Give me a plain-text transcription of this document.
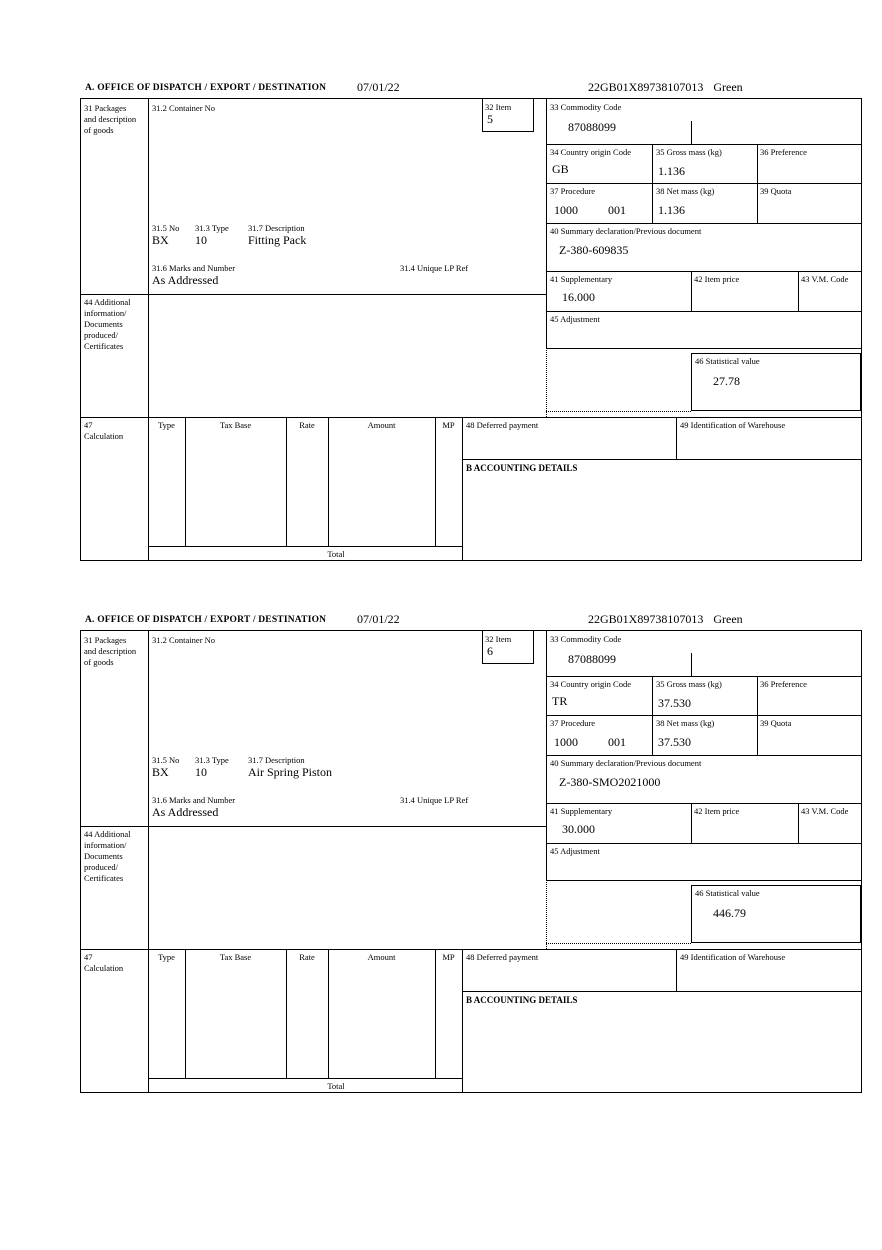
A. OFFICE OF DISPATCH / EXPORT / DESTINATION	07/01/22	22GB01X89738107013 Green
31 Packages and description of goods
44 Additional information/ Documents produced/ Certificates
47 Calculation
31.2 Container No	32 Item
5
31.5 No 31.3 Type 31.7 Description
BX 10	Fitting Pack
31.6 Marks and Number	31.4 Unique LP Ref
As Addressed
33 Commodity Code
87088099
34 Country origin Code
GB
35 Gross mass (kg)
1.136
36 Preference
37 Procedure
1000	001
38 Net mass (kg)
1.136
39 Quota
40 Summary declaration/Previous document
Z-380-609835
41 Supplementary
16.000
42 Item price	43 V.M. Code
45 Adjustment
46 Statistical value
27.78
Type	Tax Base	Rate	Amount	MP
Total
48 Deferred payment	49 Identification of Warehouse
B ACCOUNTING DETAILS
A. OFFICE OF DISPATCH / EXPORT / DESTINATION	07/01/22	22GB01X89738107013 Green
31 Packages and description of goods
44 Additional information/ Documents produced/ Certificates
47 Calculation
31.2 Container No	32 Item
6
31.5 No 31.3 Type 31.7 Description
BX 10	Air Spring Piston
31.6 Marks and Number	31.4 Unique LP Ref
As Addressed
33 Commodity Code
87088099
34 Country origin Code
TR
35 Gross mass (kg)
37.530
36 Preference
37 Procedure
1000	001
38 Net mass (kg)
37.530
39 Quota
40 Summary declaration/Previous document
Z-380-SMO2021000
41 Supplementary
30.000
42 Item price	43 V.M. Code
45 Adjustment
46 Statistical value
446.79
Type	Tax Base	Rate	Amount	MP
Total
48 Deferred payment	49 Identification of Warehouse
B ACCOUNTING DETAILS
